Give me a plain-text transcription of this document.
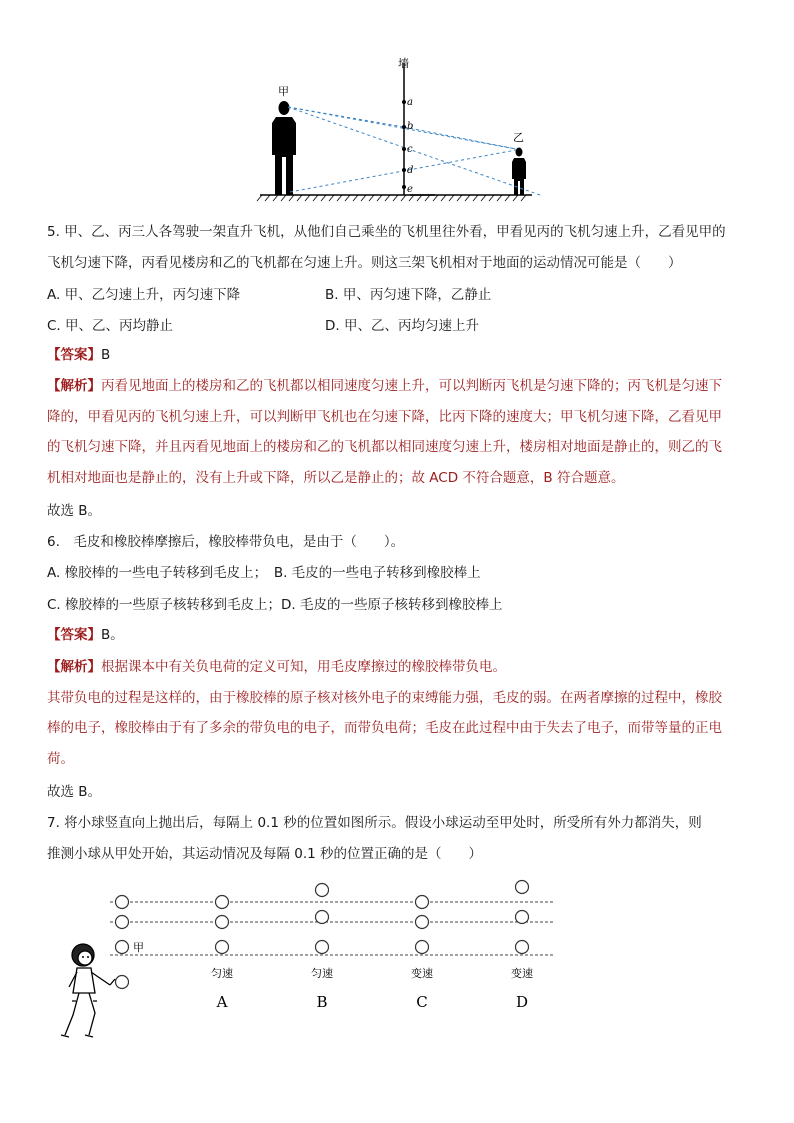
墙
甲
乙
a
b
c
d
e
5. 甲、乙、丙三人各驾驶一架直升飞机，从他们自己乘坐的飞机里往外看，甲看见丙的飞机匀速上升，乙看见甲的
飞机匀速下降，丙看见楼房和乙的飞机都在匀速上升。则这三架飞机相对于地面的运动情况可能是（　　）
A. 甲、乙匀速上升，丙匀速下降	B. 甲、丙匀速下降，乙静止
C. 甲、乙、丙均静止	D. 甲、乙、丙均匀速上升
【答案】B
【解析】丙看见地面上的楼房和乙的飞机都以相同速度匀速上升，可以判断丙飞机是匀速下降的；丙飞机是匀速下
降的，甲看见丙的飞机匀速上升，可以判断甲飞机也在匀速下降，比丙下降的速度大；甲飞机匀速下降，乙看见甲
的飞机匀速下降，并且丙看见地面上的楼房和乙的飞机都以相同速度匀速上升，楼房相对地面是静止的，则乙的飞
机相对地面也是静止的，没有上升或下降，所以乙是静止的；故 ACD 不符合题意，B 符合题意。
故选 B。
6.　毛皮和橡胶棒摩擦后，橡胶棒带负电，是由于（　　）。
A. 橡胶棒的一些电子转移到毛皮上；　B. 毛皮的一些电子转移到橡胶棒上
C. 橡胶棒的一些原子核转移到毛皮上；D. 毛皮的一些原子核转移到橡胶棒上
【答案】B。
【解析】根据课本中有关负电荷的定义可知，用毛皮摩擦过的橡胶棒带负电。
其带负电的过程是这样的，由于橡胶棒的原子核对核外电子的束缚能力强，毛皮的弱。在两者摩擦的过程中，橡胶
棒的电子，橡胶棒由于有了多余的带负电的电子，而带负电荷；毛皮在此过程中由于失去了电子，而带等量的正电
荷。
故选 B。
7. 将小球竖直向上抛出后，每隔上 0.1 秒的位置如图所示。假设小球运动至甲处时，所受所有外力都消失，则
推测小球从甲处开始，其运动情况及每隔 0.1 秒的位置正确的是（　　）
甲
匀速	匀速	变速	变速
A	B	C	D
